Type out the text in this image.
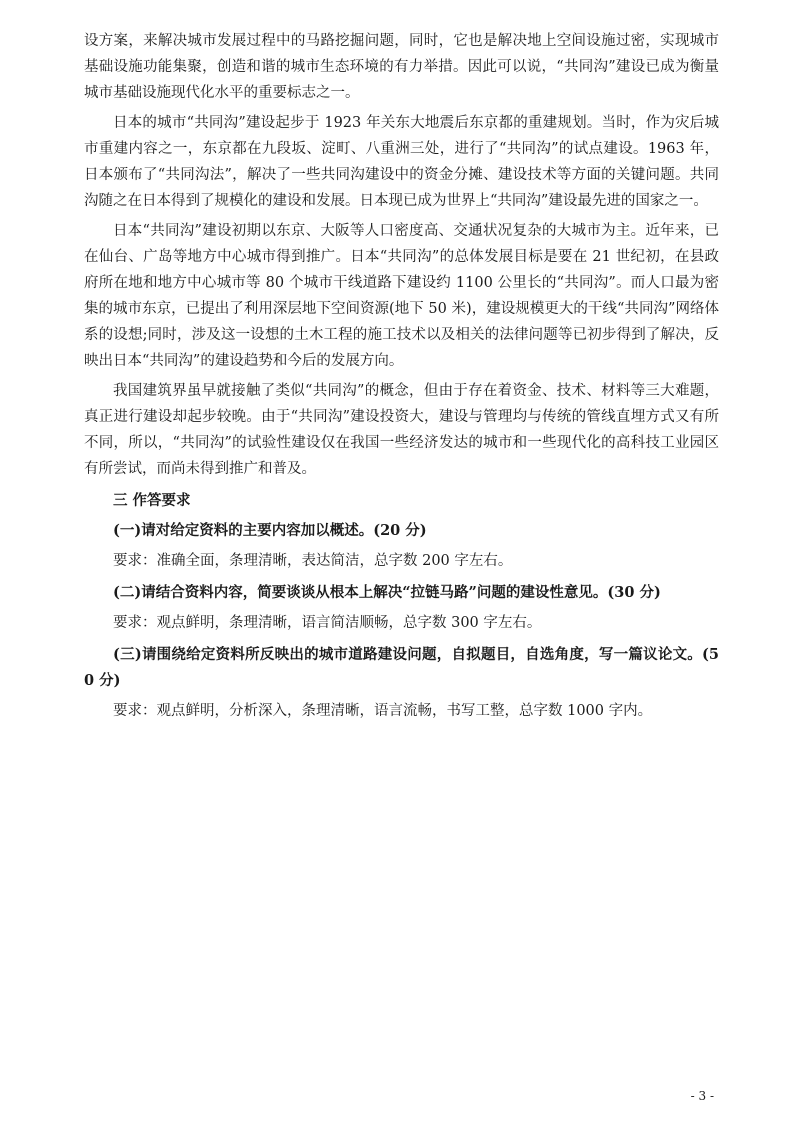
设方案，来解决城市发展过程中的马路挖掘问题，同时，它也是解决地上空间设施过密，实现城市基础设施功能集聚，创造和谐的城市生态环境的有力举措。因此可以说，“共同沟”建设已成为衡量城市基础设施现代化水平的重要标志之一。

日本的城市“共同沟”建设起步于 1923 年关东大地震后东京都的重建规划。当时，作为灾后城市重建内容之一，东京都在九段坂、淀町、八重洲三处，进行了“共同沟”的试点建设。1963 年，日本颁布了“共同沟法”，解决了一些共同沟建设中的资金分摊、建设技术等方面的关键问题。共同沟随之在日本得到了规模化的建设和发展。日本现已成为世界上“共同沟”建设最先进的国家之一。

日本“共同沟”建设初期以东京、大阪等人口密度高、交通状况复杂的大城市为主。近年来，已在仙台、广岛等地方中心城市得到推广。日本“共同沟”的总体发展目标是要在 21 世纪初，在县政府所在地和地方中心城市等 80 个城市干线道路下建设约 1100 公里长的“共同沟”。而人口最为密集的城市东京，已提出了利用深层地下空间资源(地下 50 米)，建设规模更大的干线“共同沟”网络体系的设想;同时，涉及这一设想的土木工程的施工技术以及相关的法律问题等已初步得到了解决，反映出日本“共同沟”的建设趋势和今后的发展方向。

我国建筑界虽早就接触了类似“共同沟”的概念，但由于存在着资金、技术、材料等三大难题，真正进行建设却起步较晚。由于“共同沟”建设投资大，建设与管理均与传统的管线直埋方式又有所不同，所以，“共同沟”的试验性建设仅在我国一些经济发达的城市和一些现代化的高科技工业园区有所尝试，而尚未得到推广和普及。

三 作答要求
(一)请对给定资料的主要内容加以概述。(20 分)
要求：准确全面，条理清晰，表达简洁，总字数 200 字左右。
(二)请结合资料内容，简要谈谈从根本上解决“拉链马路”问题的建设性意见。(30 分)
要求：观点鲜明，条理清晰，语言简洁顺畅，总字数 300 字左右。
(三)请围绕给定资料所反映出的城市道路建设问题，自拟题目，自选角度，写一篇议论文。(50 分)
要求：观点鲜明，分析深入，条理清晰，语言流畅，书写工整，总字数 1000 字内。
- 3 -
